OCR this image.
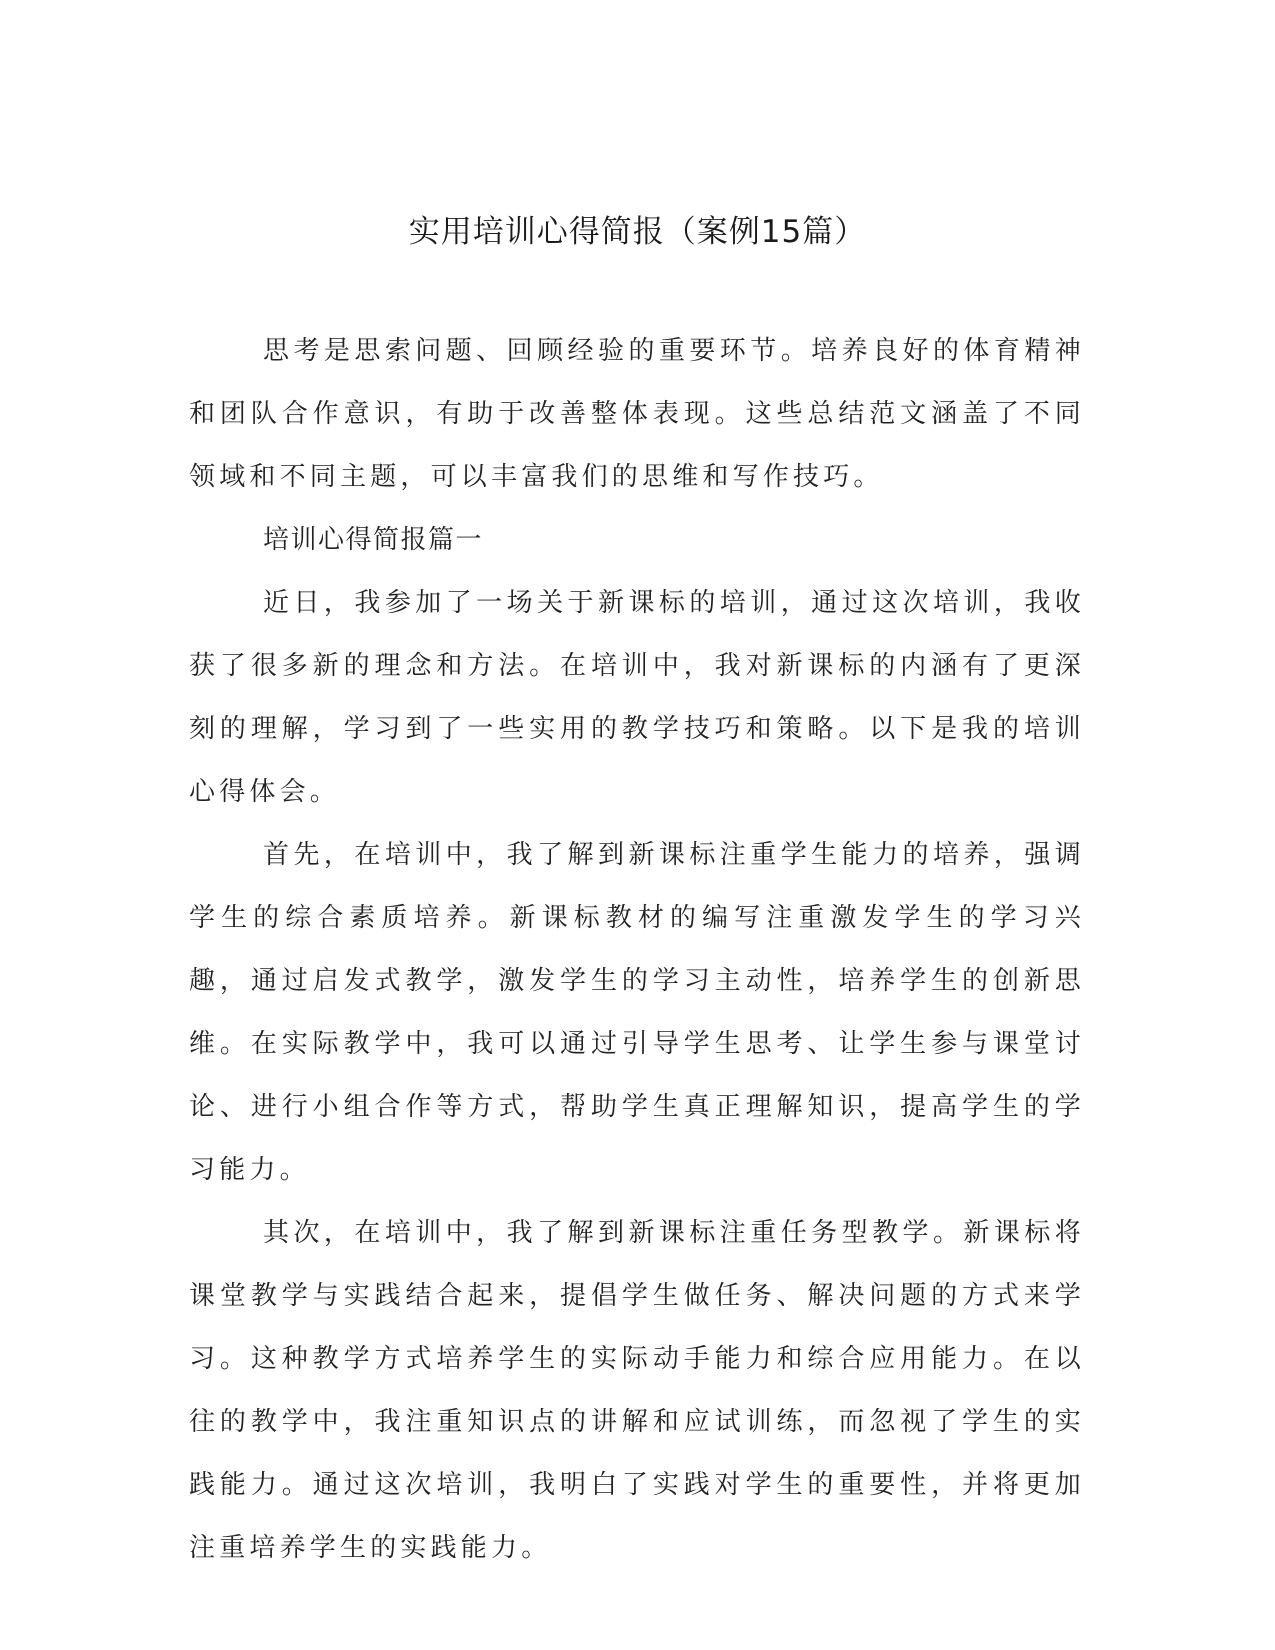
实用培训心得简报（案例15篇）

思考是思索问题、回顾经验的重要环节。培养良好的体育精神和团队合作意识，有助于改善整体表现。这些总结范文涵盖了不同领域和不同主题，可以丰富我们的思维和写作技巧。

培训心得简报篇一

近日，我参加了一场关于新课标的培训，通过这次培训，我收获了很多新的理念和方法。在培训中，我对新课标的内涵有了更深刻的理解，学习到了一些实用的教学技巧和策略。以下是我的培训心得体会。

首先，在培训中，我了解到新课标注重学生能力的培养，强调学生的综合素质培养。新课标教材的编写注重激发学生的学习兴趣，通过启发式教学，激发学生的学习主动性，培养学生的创新思维。在实际教学中，我可以通过引导学生思考、让学生参与课堂讨论、进行小组合作等方式，帮助学生真正理解知识，提高学生的学习能力。

其次，在培训中，我了解到新课标注重任务型教学。新课标将课堂教学与实践结合起来，提倡学生做任务、解决问题的方式来学习。这种教学方式培养学生的实际动手能力和综合应用能力。在以往的教学中，我注重知识点的讲解和应试训练，而忽视了学生的实践能力。通过这次培训，我明白了实践对学生的重要性，并将更加注重培养学生的实践能力。
